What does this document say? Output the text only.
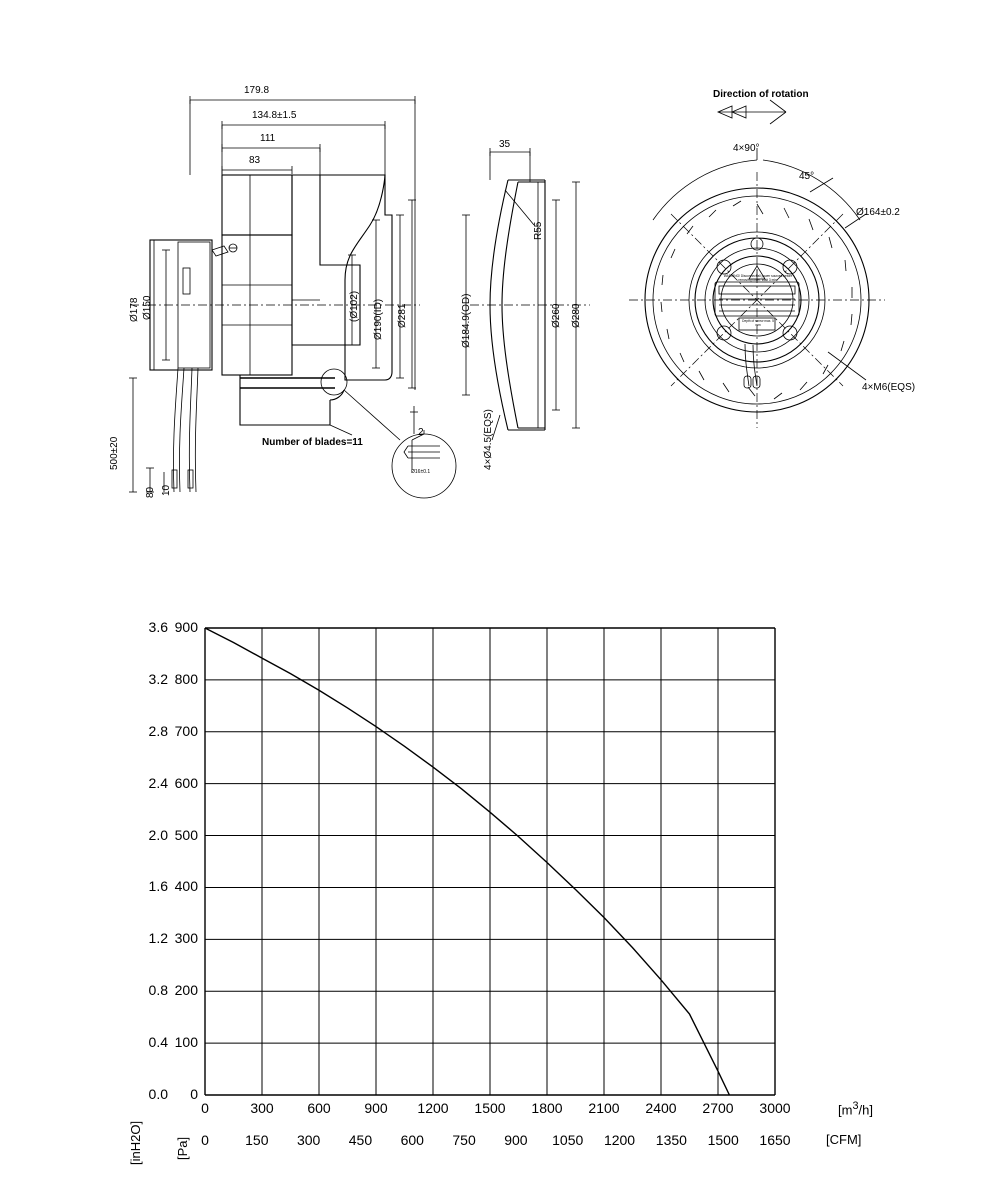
179.8
134.8±1.5
111
83
Ø178 Ø150	(Ø102) Ø190(ID) Ø281
500±20
80 10
Number of blades=11
2
Ø16±0.1
35
R55
Ø184.9(OD)	Ø260 Ø280
4×Ø4.5(EQS)
Direction of rotation
4×90°
45°
Ø164±0.2
4×M6(EQS)
WARNING! Disconnect all power sources before removing cover. Wait 3 min.
Depth of screw max. 5 mm
[inH2O] [Pa]
$[m^3/h]$
[CFM]
0.0
0.4
0.8
1.2
1.6
2.0
2.4
2.8
3.2
3.6
0
100
200
300
400
500
600
700
800
900
0	300	600	900	1200	1500	1800	2100	2400	2700	3000
0	150	300	450	600	750	900	1050	1200	1350	1500	1650
